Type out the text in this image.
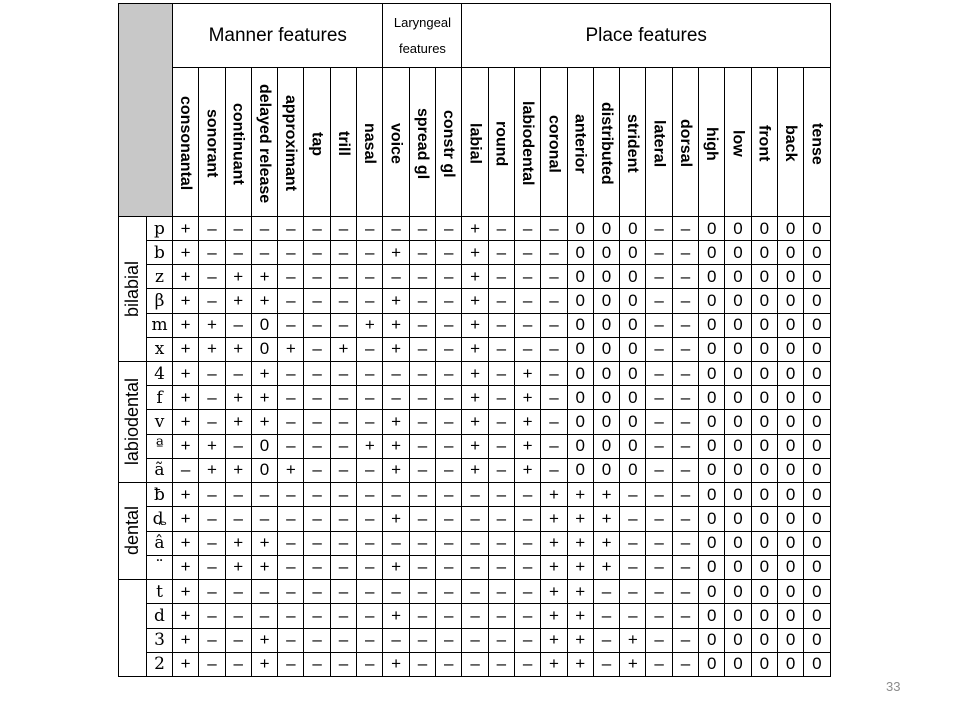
		Manner features								Laryngeal features			Place features													

		consonantal	sonorant	continuant	delayed release	approximant	tap	trill	nasal	voice	spread gl	constr gl	labial	round	labiodental	coronal	anterior	distributed	strident	lateral	dorsal	high	low	front	back	tense

bilabial	p	+	–	–	–	–	–	–	–	–	–	–	+	–	–	–	0	0	0	–	–	0	0	0	0	0
	b	+	–	–	–	–	–	–	–	+	–	–	+	–	–	–	0	0	0	–	–	0	0	0	0	0
	z	+	–	+	+	–	–	–	–	–	–	–	+	–	–	–	0	0	0	–	–	0	0	0	0	0
	β	+	–	+	+	–	–	–	–	+	–	–	+	–	–	–	0	0	0	–	–	0	0	0	0	0
	m	+	+	–	0	–	–	–	+	+	–	–	+	–	–	–	0	0	0	–	–	0	0	0	0	0
	x	+	+	+	0	+	–	+	–	+	–	–	+	–	–	–	0	0	0	–	–	0	0	0	0	0

labiodental	4	+	–	–	+	–	–	–	–	–	–	–	+	–	+	–	0	0	0	–	–	0	0	0	0	0
	f	+	–	+	+	–	–	–	–	–	–	–	+	–	+	–	0	0	0	–	–	0	0	0	0	0
	v	+	–	+	+	–	–	–	–	+	–	–	+	–	+	–	0	0	0	–	–	0	0	0	0	0
	ª	+	+	–	0	–	–	–	+	+	–	–	+	–	+	–	0	0	0	–	–	0	0	0	0	0
	ã	–	+	+	0	+	–	–	–	+	–	–	+	–	+	–	0	0	0	–	–	0	0	0	0	0

dental	ƀ	+	–	–	–	–	–	–	–	–	–	–	–	–	–	+	+	+	–	–	–	0	0	0	0	0
	ȡ	+	–	–	–	–	–	–	–	+	–	–	–	–	–	+	+	+	–	–	–	0	0	0	0	0
	â	+	–	+	+	–	–	–	–	–	–	–	–	–	–	+	+	+	–	–	–	0	0	0	0	0
	¨	+	–	+	+	–	–	–	–	+	–	–	–	–	–	+	+	+	–	–	–	0	0	0	0	0

	t	+	–	–	–	–	–	–	–	–	–	–	–	–	–	+	+	–	–	–	–	0	0	0	0	0
	d	+	–	–	–	–	–	–	–	+	–	–	–	–	–	+	+	–	–	–	–	0	0	0	0	0
	3	+	–	–	+	–	–	–	–	–	–	–	–	–	–	+	+	–	+	–	–	0	0	0	0	0
	2	+	–	–	+	–	–	–	–	+	–	–	–	–	–	+	+	–	+	–	–	0	0	0	0	0
33
